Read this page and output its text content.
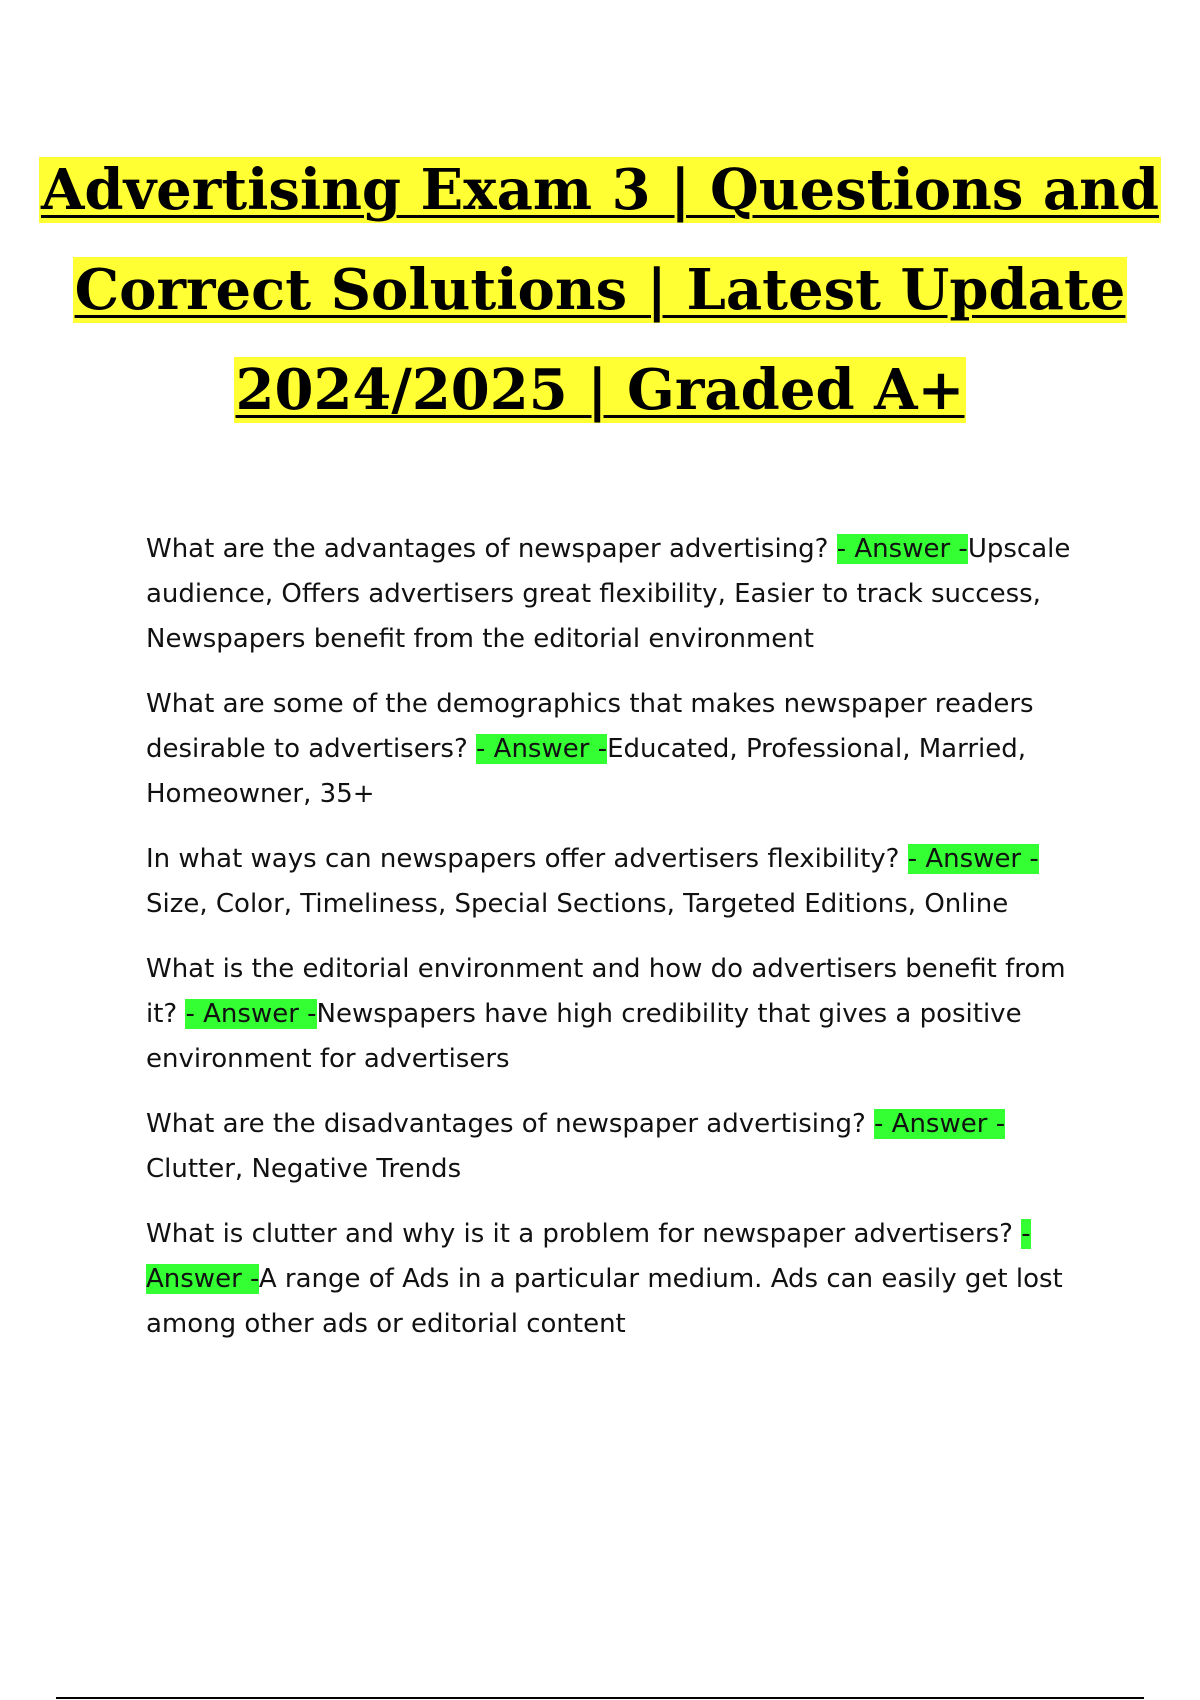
Advertising Exam 3 | Questions and
Correct Solutions | Latest Update
2024/2025 | Graded A+

What are the advantages of newspaper advertising? - Answer -Upscale audience, Offers advertisers great flexibility, Easier to track success, Newspapers benefit from the editorial environment

What are some of the demographics that makes newspaper readers desirable to advertisers? - Answer -Educated, Professional, Married, Homeowner, 35+

In what ways can newspapers offer advertisers flexibility? - Answer -Size, Color, Timeliness, Special Sections, Targeted Editions, Online

What is the editorial environment and how do advertisers benefit from it? - Answer -Newspapers have high credibility that gives a positive environment for advertisers

What are the disadvantages of newspaper advertising? - Answer -Clutter, Negative Trends

What is clutter and why is it a problem for newspaper advertisers? - Answer -A range of Ads in a particular medium. Ads can easily get lost among other ads or editorial content
